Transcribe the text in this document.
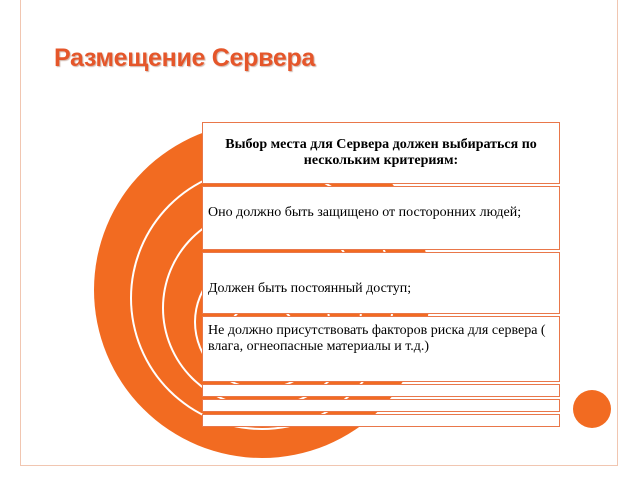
Размещение Сервера
Выбор места для Сервера должен выбираться по нескольким критериям:
Оно должно быть защищено от посторонних людей;
Должен быть постоянный доступ;
Не должно присутствовать факторов риска для сервера ( влага, огнеопасные материалы и т.д.)
